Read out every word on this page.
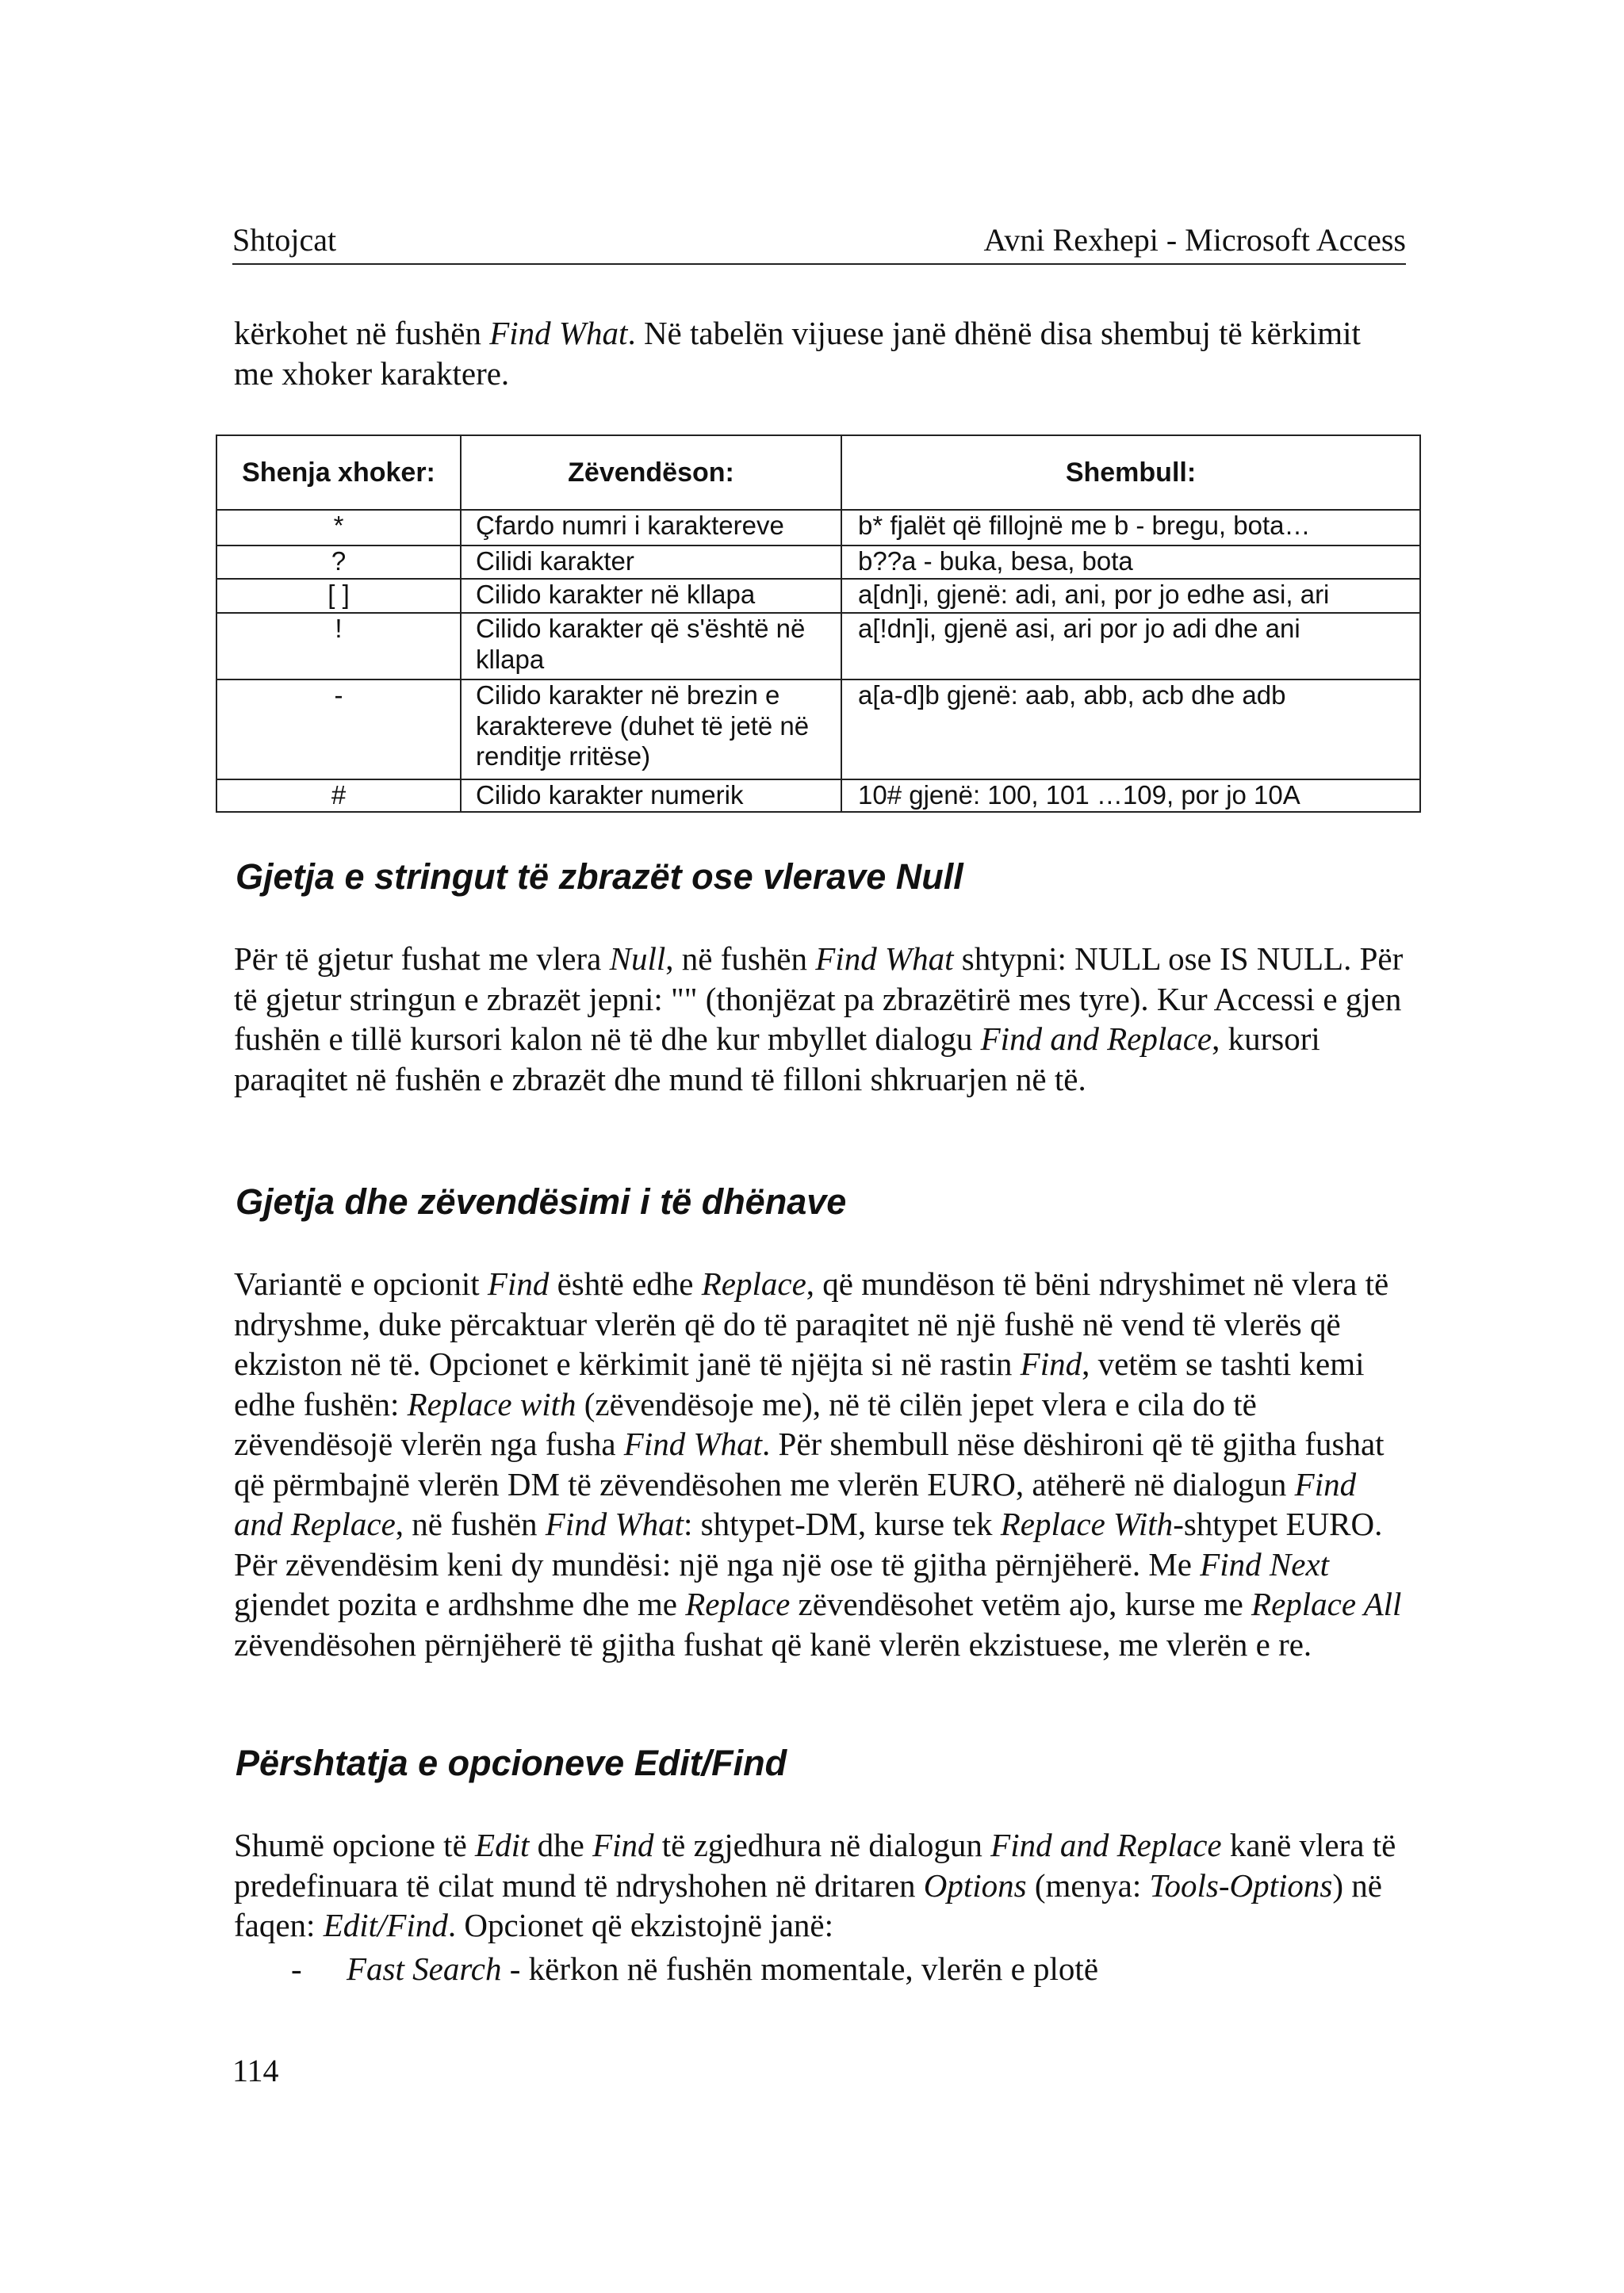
Shtojcat	Avni Rexhepi - Microsoft Access

kërkohet në fushën Find What. Në tabelën vijuese janë dhënë disa shembuj të kërkimit me xhoker karaktere.

Shenja xhoker:	Zëvendëson:	Shembull:
*	Çfardo numri i karaktereve	b* fjalët që fillojnë me b - bregu, bota…
?	Cilidi karakter	b??a - buka, besa, bota
[ ]	Cilido karakter në kllapa	a[dn]i, gjenë: adi, ani, por jo edhe asi, ari
!	Cilido karakter që s'është në kllapa	a[!dn]i, gjenë asi, ari por jo adi dhe ani
-	Cilido karakter në brezin e karaktereve (duhet të jetë në renditje rritëse)	a[a-d]b gjenë: aab, abb, acb dhe adb
#	Cilido karakter numerik	10# gjenë: 100, 101 …109, por jo 10A
Gjetja e stringut të zbrazët ose vlerave Null

Për të gjetur fushat me vlera Null, në fushën Find What shtypni: NULL ose IS NULL. Për të gjetur stringun e zbrazët jepni: "" (thonjëzat pa zbrazëtirë mes tyre). Kur Accessi e gjen fushën e tillë kursori kalon në të dhe kur mbyllet dialogu Find and Replace, kursori paraqitet në fushën e zbrazët dhe mund të filloni shkruarjen në të.

Gjetja dhe zëvendësimi i të dhënave

Variantë e opcionit Find është edhe Replace, që mundëson të bëni ndryshimet në vlera të ndryshme, duke përcaktuar vlerën që do të paraqitet në një fushë në vend të vlerës që ekziston në të. Opcionet e kërkimit janë të njëjta si në rastin Find, vetëm se tashti kemi edhe fushën: Replace with (zëvendësoje me), në të cilën jepet vlera e cila do të zëvendësojë vlerën nga fusha Find What. Për shembull nëse dëshironi që të gjitha fushat që përmbajnë vlerën DM të zëvendësohen me vlerën EURO, atëherë në dialogun Find and Replace, në fushën Find What: shtypet-DM, kurse tek Replace With-shtypet EURO. Për zëvendësim keni dy mundësi: një nga një ose të gjitha përnjëherë. Me Find Next gjendet pozita e ardhshme dhe me Replace zëvendësohet vetëm ajo, kurse me Replace All zëvendësohen përnjëherë të gjitha fushat që kanë vlerën ekzistuese, me vlerën e re.

Përshtatja e opcioneve Edit/Find

Shumë opcione të Edit dhe Find të zgjedhura në dialogun Find and Replace kanë vlera të predefinuara të cilat mund të ndryshohen në dritaren Options (menya: Tools-Options) në faqen: Edit/Find. Opcionet që ekzistojnë janë:

- Fast Search - kërkon në fushën momentale, vlerën e plotë
114
